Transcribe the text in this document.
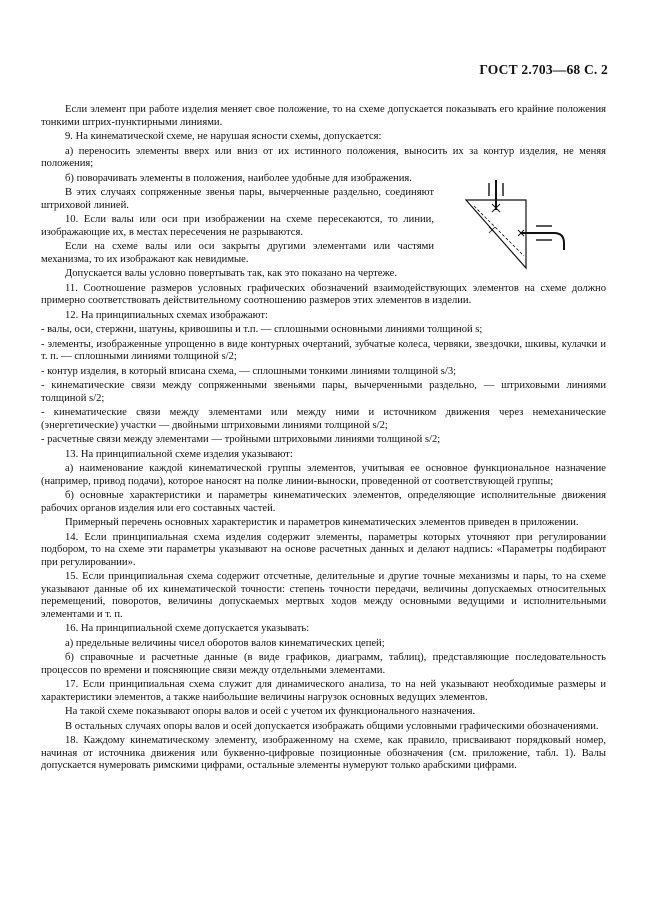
ГОСТ 2.703—68 С. 2

Если элемент при работе изделия меняет свое положение, то на схеме допускается показывать его крайние положения тонкими штрих-пунктирными линиями.

9. На кинематической схеме, не нарушая ясности схемы, допускается:

а) переносить элементы вверх или вниз от их истинного положения, выносить их за контур изделия, не меняя положения;

б) поворачивать элементы в положения, наиболее удобные для изображения.

В этих случаях сопряженные звенья пары, вычерченные раздельно, соединяют штриховой линией.

10. Если валы или оси при изображении на схеме пересекаются, то линии, изображающие их, в местах пересечения не разрываются.

Если на схеме валы или оси закрыты другими элементами или частями механизма, то их изображают как невидимые.

Допускается валы условно повертывать так, как это показано на чертеже.

11. Соотношение размеров условных графических обозначений взаимодействующих элементов на схеме должно примерно соответствовать действительному соотношению размеров этих элементов в изделии.

12. На принципиальных схемах изображают:

- валы, оси, стержни, шатуны, кривошипы и т.п. — сплошными основными линиями толщиной s;

- элементы, изображенные упрощенно в виде контурных очертаний, зубчатые колеса, червяки, звездочки, шкивы, кулачки и т. п. — сплошными линиями толщиной s/2;

- контур изделия, в который вписана схема, — сплошными тонкими линиями толщиной s/3;

- кинематические связи между сопряженными звеньями пары, вычерченными раздельно, — штриховыми линиями толщиной s/2;

- кинематические связи между элементами или между ними и источником движения через немеханические (энергетические) участки — двойными штриховыми линиями толщиной s/2;

- расчетные связи между элементами — тройными штриховыми линиями толщиной s/2;

13. На принципиальной схеме изделия указывают:

а) наименование каждой кинематической группы элементов, учитывая ее основное функциональное назначение (например, привод подачи), которое наносят на полке линии-выноски, проведенной от соответствующей группы;

б) основные характеристики и параметры кинематических элементов, определяющие исполнительные движения рабочих органов изделия или его составных частей.

Примерный перечень основных характеристик и параметров кинематических элементов приведен в приложении.

14. Если принципиальная схема изделия содержит элементы, параметры которых уточняют при регулировании подбором, то на схеме эти параметры указывают на основе расчетных данных и делают надпись: «Параметры подбирают при регулировании».

15. Если принципиальная схема содержит отсчетные, делительные и другие точные механизмы и пары, то на схеме указывают данные об их кинематической точности: степень точности передачи, величины допускаемых относительных перемещений, поворотов, величины допускаемых мертвых ходов между основными ведущими и исполнительными элементами и т. п.

16. На принципиальной схеме допускается указывать:

а) предельные величины чисел оборотов валов кинематических цепей;

б) справочные и расчетные данные (в виде графиков, диаграмм, таблиц), представляющие последовательность процессов по времени и поясняющие связи между отдельными элементами.

17. Если принципиальная схема служит для динамического анализа, то на ней указывают необходимые размеры и характеристики элементов, а также наибольшие величины нагрузок основных ведущих элементов.

На такой схеме показывают опоры валов и осей с учетом их функционального назначения.

В остальных случаях опоры валов и осей допускается изображать общими условными графическими обозначениями.

18. Каждому кинематическому элементу, изображенному на схеме, как правило, присваивают порядковый номер, начиная от источника движения или буквенно-цифровые позиционные обозначения (см. приложение, табл. 1). Валы допускается нумеровать римскими цифрами, остальные элементы нумеруют только арабскими цифрами.
